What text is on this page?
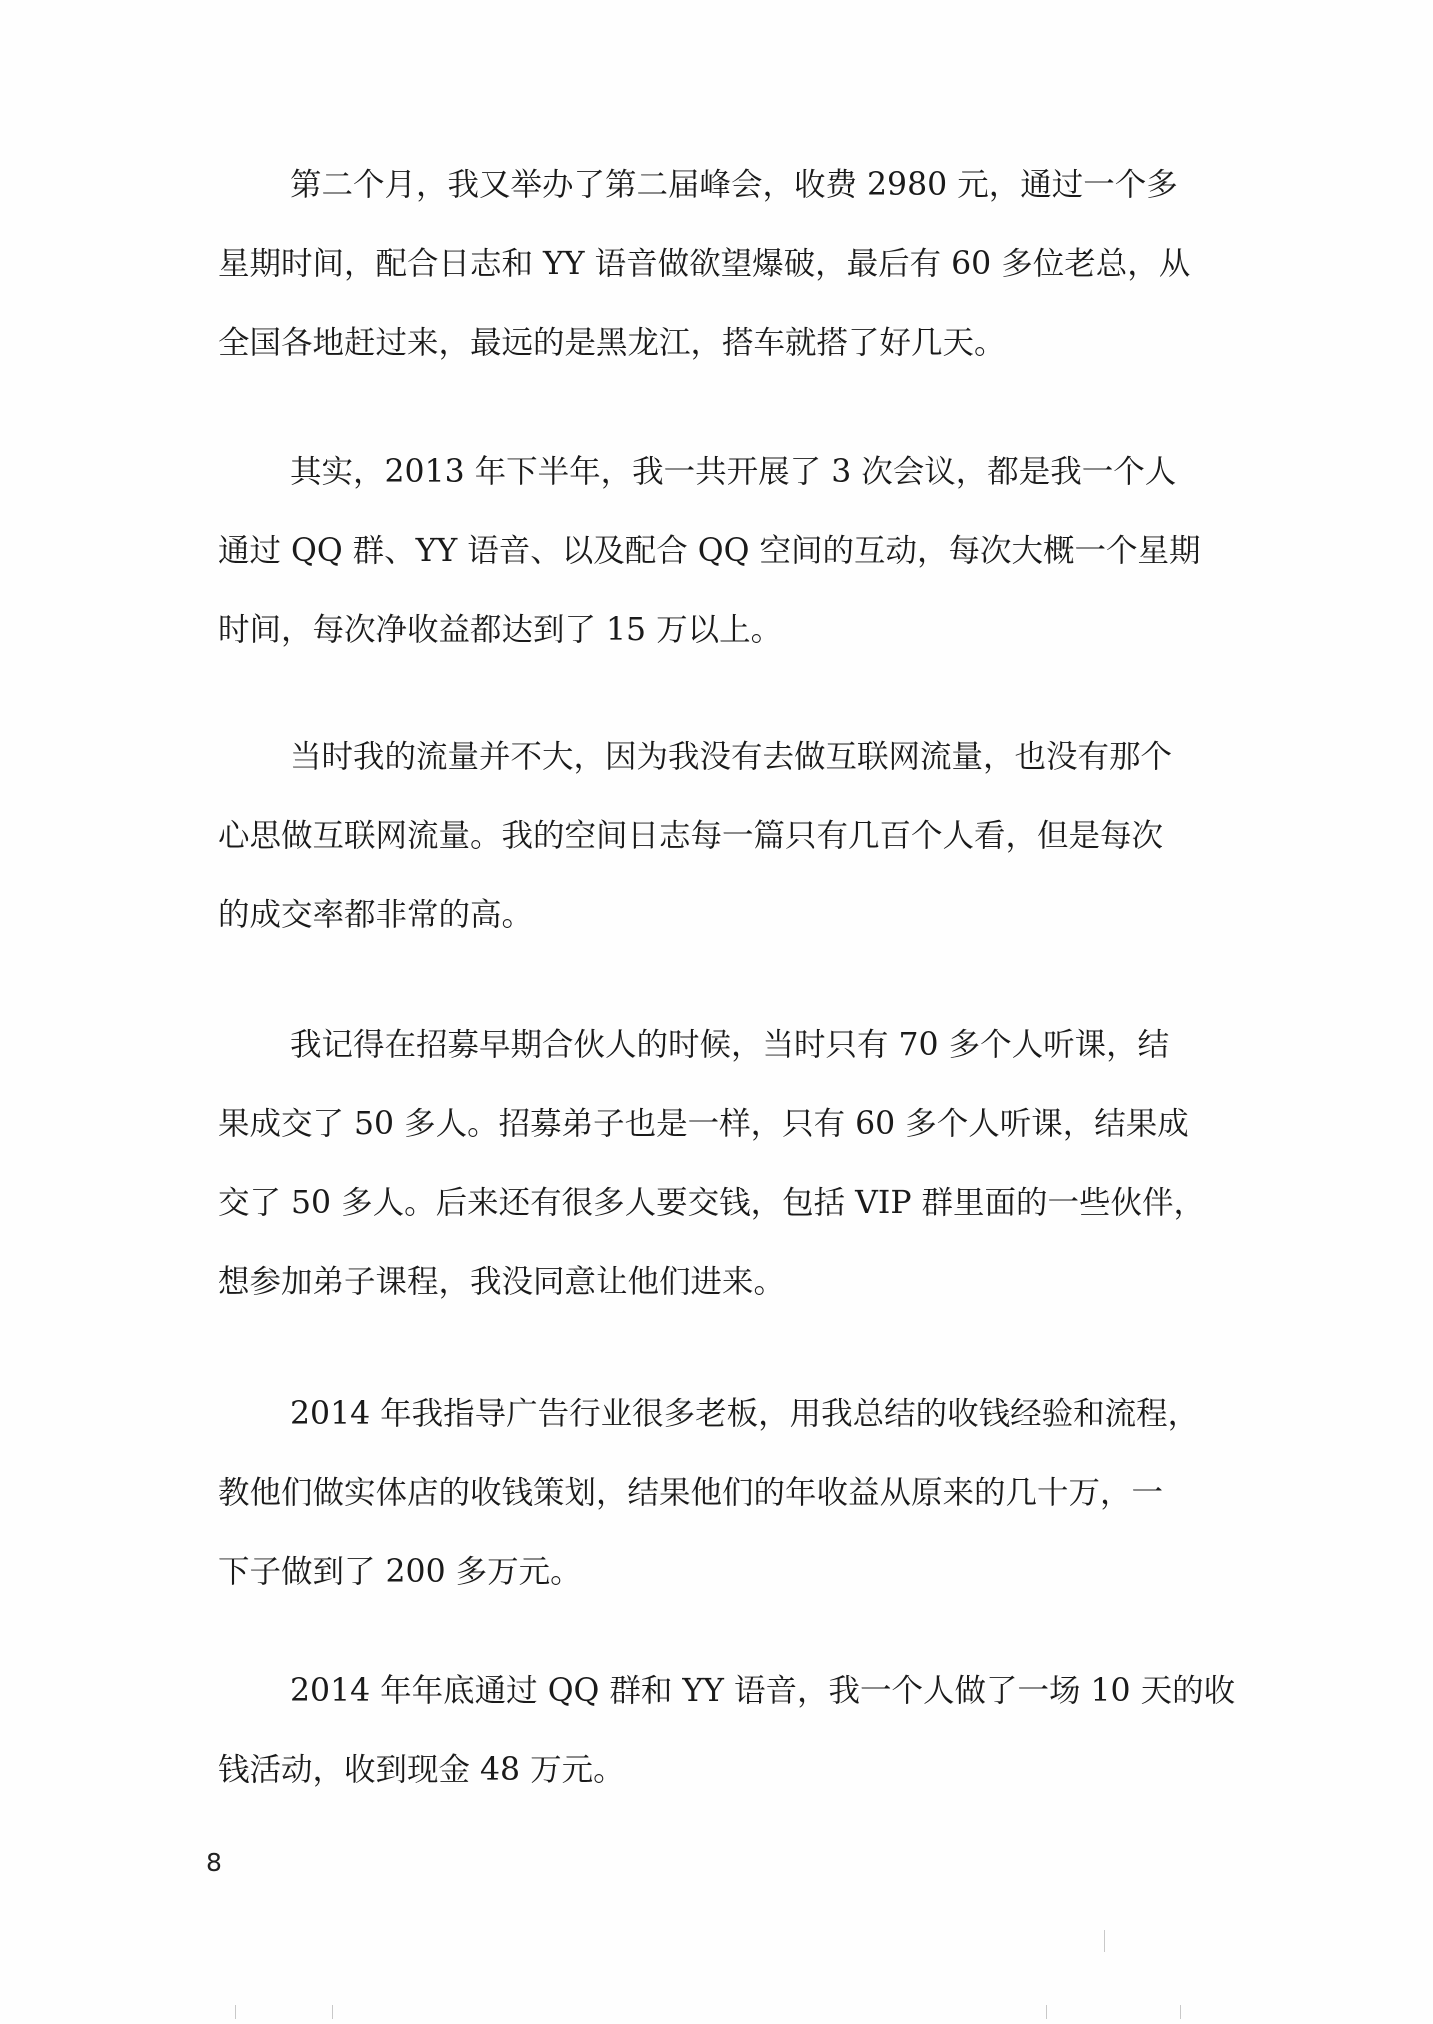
第二个月，我又举办了第二届峰会，收费 2980 元，通过一个多
星期时间，配合日志和 YY 语音做欲望爆破，最后有 60 多位老总，从
全国各地赶过来，最远的是黑龙江，搭车就搭了好几天。
其实，2013 年下半年，我一共开展了 3 次会议，都是我一个人
通过 QQ 群、YY 语音、以及配合 QQ 空间的互动，每次大概一个星期
时间，每次净收益都达到了 15 万以上。
当时我的流量并不大，因为我没有去做互联网流量，也没有那个
心思做互联网流量。我的空间日志每一篇只有几百个人看，但是每次
的成交率都非常的高。
我记得在招募早期合伙人的时候，当时只有 70 多个人听课，结
果成交了 50 多人。招募弟子也是一样，只有 60 多个人听课，结果成
交了 50 多人。后来还有很多人要交钱，包括 VIP 群里面的一些伙伴，
想参加弟子课程，我没同意让他们进来。
2014 年我指导广告行业很多老板，用我总结的收钱经验和流程，
教他们做实体店的收钱策划，结果他们的年收益从原来的几十万，一
下子做到了 200 多万元。
2014 年年底通过 QQ 群和 YY 语音，我一个人做了一场 10 天的收
钱活动，收到现金 48 万元。
8
